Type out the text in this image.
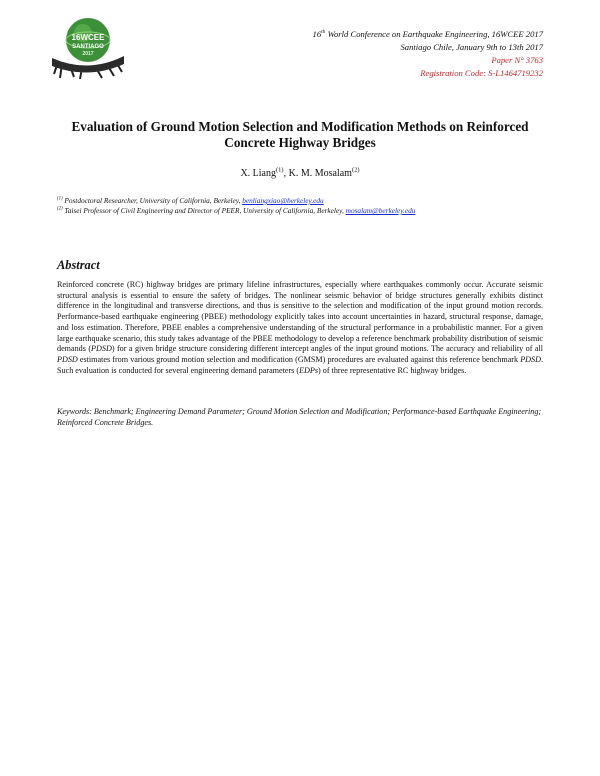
16WCEE
SANTIAGO
2017
16th World Conference on Earthquake Engineering, 16WCEE 2017
Santiago Chile, January 9th to 13th 2017
Paper N° 3763
Registration Code: S-L1464719232
Evaluation of Ground Motion Selection and Modification Methods on Reinforced Concrete Highway Bridges
X. Liang$^{(1)}$, K. M. Mosalam$^{(2)}$
$^{(1)}$ Postdoctoral Researcher, University of California, Berkeley, benliangxiao@berkeley.edu
$^{(2)}$ Taisei Professor of Civil Engineering and Director of PEER, University of California, Berkeley, mosalam@berkeley.edu
Abstract
Reinforced concrete (RC) highway bridges are primary lifeline infrastructures, especially where earthquakes commonly occur. Accurate seismic structural analysis is essential to ensure the safety of bridges. The nonlinear seismic behavior of bridge structures generally exhibits distinct difference in the longitudinal and transverse directions, and thus is sensitive to the selection and modification of the input ground motion records. Performance-based earthquake engineering (PBEE) methodology explicitly takes into account uncertainties in hazard, structural response, damage, and loss estimation. Therefore, PBEE enables a comprehensive understanding of the structural performance in a probabilistic manner. For a given large earthquake scenario, this study takes advantage of the PBEE methodology to develop a reference benchmark probability distribution of seismic demands (PDSD) for a given bridge structure considering different intercept angles of the input ground motions. The accuracy and reliability of all PDSD estimates from various ground motion selection and modification (GMSM) procedures are evaluated against this reference benchmark PDSD. Such evaluation is conducted for several engineering demand parameters (EDPs) of three representative RC highway bridges.
Keywords: Benchmark; Engineering Demand Parameter; Ground Motion Selection and Modification; Performance-based Earthquake Engineering; Reinforced Concrete Bridges.
